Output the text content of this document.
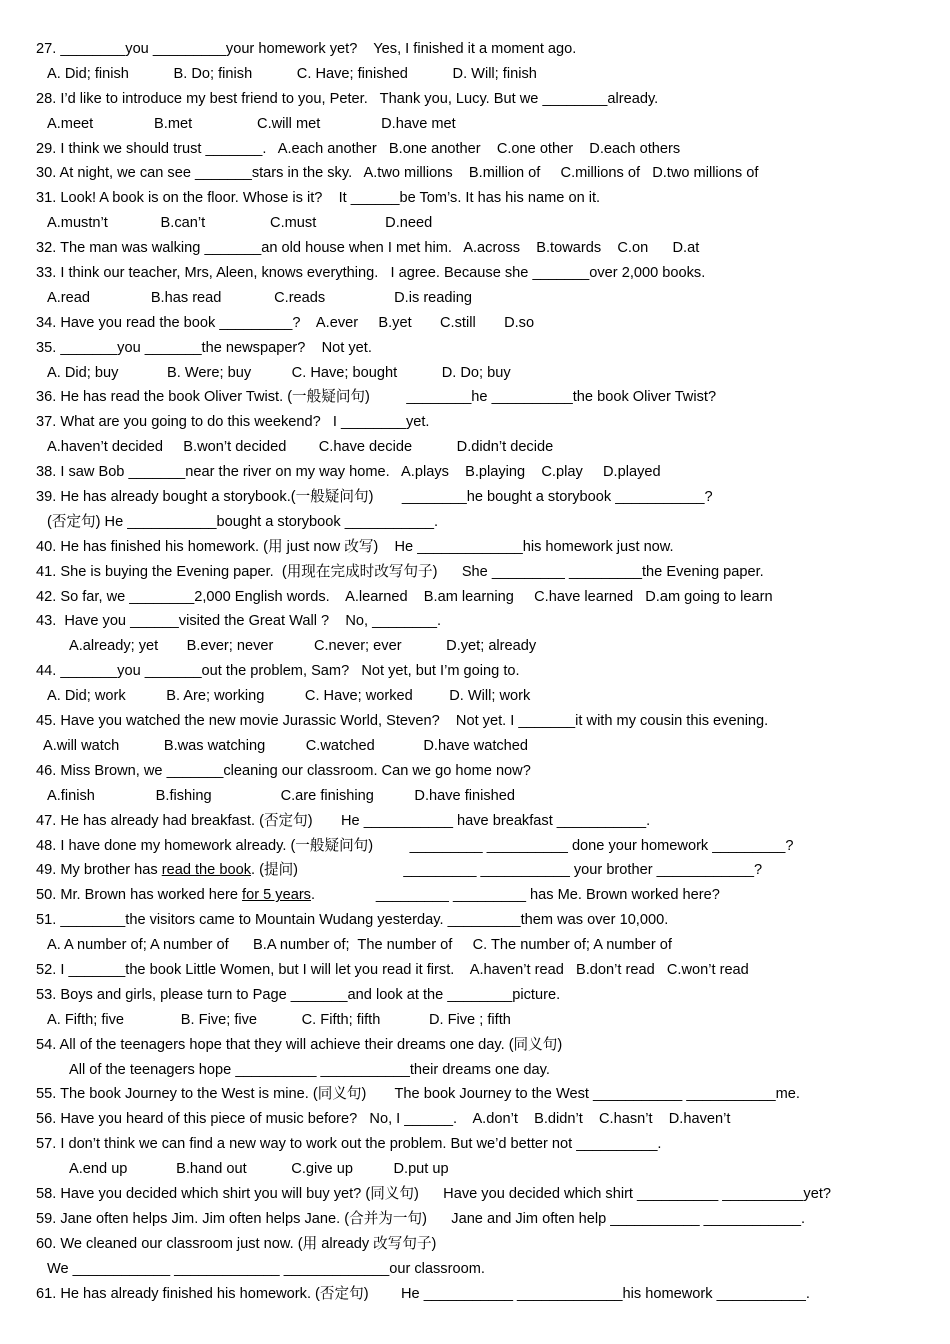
27. ________you _________your homework yet?    Yes, I finished it a moment ago.
A. Did; finish           B. Do; finish           C. Have; finished           D. Will; finish
28. I’d like to introduce my best friend to you, Peter.   Thank you, Lucy. But we ________already.
A.meet               B.met                C.will met               D.have met
29. I think we should trust _______.   A.each another   B.one another    C.one other    D.each others
30. At night, we can see _______stars in the sky.   A.two millions    B.million of     C.millions of   D.two millions of
31. Look! A book is on the floor. Whose is it?    It ______be Tom’s. It has his name on it.
A.mustn’t             B.can’t                C.must                 D.need
32. The man was walking _______an old house when I met him.   A.across    B.towards    C.on      D.at
33. I think our teacher, Mrs, Aleen, knows everything.   I agree. Because she _______over 2,000 books.
A.read               B.has read             C.reads                 D.is reading
34. Have you read the book _________?    A.ever     B.yet       C.still       D.so
35. _______you _______the newspaper?    Not yet.
A. Did; buy            B. Were; buy          C. Have; bought           D. Do; buy
36. He has read the book Oliver Twist. (一般疑问句)         ________he __________the book Oliver Twist?
37. What are you going to do this weekend?   I ________yet.
A.haven’t decided     B.won’t decided        C.have decide           D.didn’t decide
38. I saw Bob _______near the river on my way home.   A.plays    B.playing    C.play     D.played
39. He has already bought a storybook.(一般疑问句)       ________he bought a storybook ___________?
(否定句) He ___________bought a storybook ___________.
40. He has finished his homework. (用 just now 改写)    He _____________his homework just now.
41. She is buying the Evening paper.  (用现在完成时改写句子)      She _________ _________the Evening paper.
42. So far, we ________2,000 English words.    A.learned    B.am learning     C.have learned   D.am going to learn
43.  Have you ______visited the Great Wall ?    No, ________.
A.already; yet       B.ever; never          C.never; ever           D.yet; already
44. _______you _______out the problem, Sam?   Not yet, but I’m going to.
A. Did; work          B. Are; working          C. Have; worked         D. Will; work
45. Have you watched the new movie Jurassic World, Steven?    Not yet. I _______it with my cousin this evening.
A.will watch           B.was watching          C.watched            D.have watched
46. Miss Brown, we _______cleaning our classroom. Can we go home now?
A.finish               B.fishing                 C.are finishing          D.have finished
47. He has already had breakfast. (否定句)       He ___________ have breakfast ___________.
48. I have done my homework already. (一般疑问句)         _________ __________ done your homework _________?
49. My brother has read the book. (提问)                          _________ ___________ your brother ____________?
50. Mr. Brown has worked here for 5 years.               _________ _________ has Me. Brown worked here?
51. ________the visitors came to Mountain Wudang yesterday. _________them was over 10,000.
A. A number of; A number of      B.A number of;  The number of     C. The number of; A number of
52. I _______the book Little Women, but I will let you read it first.    A.haven’t read   B.don’t read   C.won’t read
53. Boys and girls, please turn to Page _______and look at the ________picture.
A. Fifth; five              B. Five; five           C. Fifth; fifth            D. Five ; fifth
54. All of the teenagers hope that they will achieve their dreams one day. (同义句)
All of the teenagers hope __________ ___________their dreams one day.
55. The book Journey to the West is mine. (同义句)       The book Journey to the West ___________ ___________me.
56. Have you heard of this piece of music before?   No, I ______.    A.don’t    B.didn’t    C.hasn’t    D.haven’t
57. I don’t think we can find a new way to work out the problem. But we’d better not __________.
A.end up            B.hand out           C.give up          D.put up
58. Have you decided which shirt you will buy yet? (同义句)      Have you decided which shirt __________ __________yet?
59. Jane often helps Jim. Jim often helps Jane. (合并为一句)      Jane and Jim often help ___________ ____________.
60. We cleaned our classroom just now. (用 already 改写句子)
We ____________ _____________ _____________our classroom.
61. He has already finished his homework. (否定句)        He ___________ _____________his homework ___________.
